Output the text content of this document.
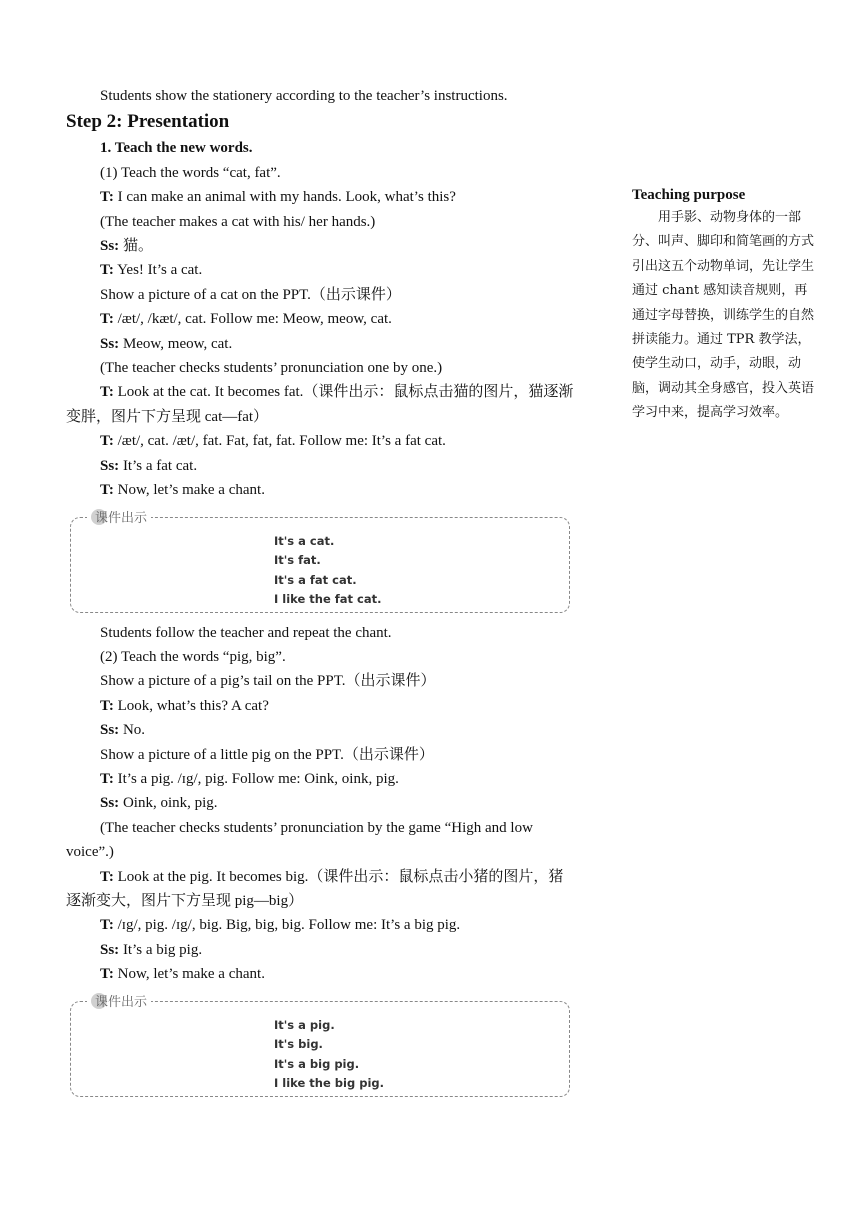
Students show the stationery according to the teacher’s instructions.
Step 2: Presentation
1. Teach the new words.
(1) Teach the words “cat, fat”.
T: I can make an animal with my hands. Look, what’s this?
(The teacher makes a cat with his/ her hands.)
Ss: 猫。
T: Yes! It’s a cat.
Show a picture of a cat on the PPT.（出示课件）
T: /æt/, /kæt/, cat. Follow me: Meow, meow, cat.
Ss: Meow, meow, cat.
(The teacher checks students’ pronunciation one by one.)
T: Look at the cat. It becomes fat.（课件出示：鼠标点击猫的图片，猫逐渐变胖，图片下方呈现 cat—fat）
T: /æt/, cat. /æt/, fat. Fat, fat, fat. Follow me: It’s a fat cat.
Ss: It’s a fat cat.
T: Now, let’s make a chant.
课件出示
It's a cat.
It's fat.
It's a fat cat.
I like the fat cat.
Students follow the teacher and repeat the chant.
(2) Teach the words “pig, big”.
Show a picture of a pig’s tail on the PPT.（出示课件）
T: Look, what’s this? A cat?
Ss: No.
Show a picture of a little pig on the PPT.（出示课件）
T: It’s a pig. /ɪg/, pig. Follow me: Oink, oink, pig.
Ss: Oink, oink, pig.
(The teacher checks students’ pronunciation by the game “High and low voice”.)
T: Look at the pig. It becomes big.（课件出示：鼠标点击小猪的图片，猪逐渐变大，图片下方呈现 pig—big）
T: /ɪg/, pig. /ɪg/, big. Big, big, big. Follow me: It’s a big pig.
Ss: It’s a big pig.
T: Now, let’s make a chant.
课件出示
It's a pig.
It's big.
It's a big pig.
I like the big pig.
Teaching purpose
用手影、动物身体的一部分、叫声、脚印和简笔画的方式引出这五个动物单词，先让学生通过 chant 感知读音规则，再通过字母替换，训练学生的自然拼读能力。通过 TPR 教学法，使学生动口，动手，动眼，动脑，调动其全身感官，投入英语学习中来，提高学习效率。
